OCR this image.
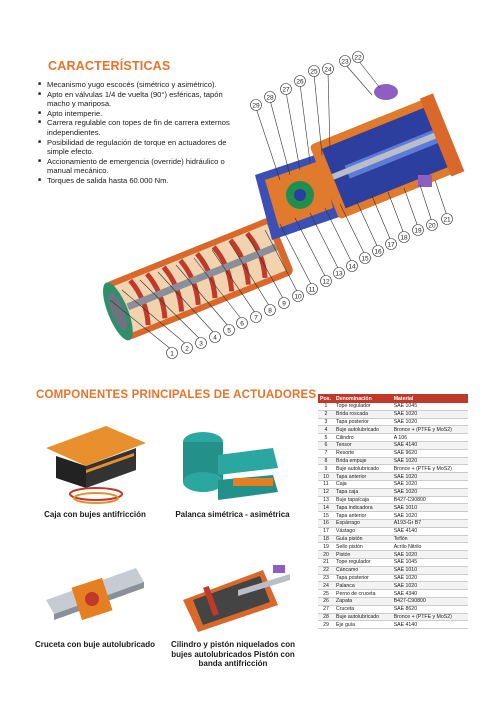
CARACTERÍSTICAS
■ Mecanismo yugo escocés (simétrico y asimétrico).
■ Apto en válvulas 1/4 de vuelta (90°) esféricas, tapón macho y mariposa.
■ Apto intemperie.
■ Carrera regulable con topes de fin de carrera externos independientes.
■ Posibilidad de regulación de torque en actuadores de simple efecto.
■ Accionamiento de emergencia (override) hidráulico o manual mecánico.
■ Torques de salida hasta 60.000 Nm.
1
2
3
4
5
6
7
8
9
10
11
12
13
14
15
16
17
18
19
20
21
22
23
24
25
26
27
28
29
COMPONENTES PRINCIPALES DE ACTUADORES
Caja con bujes antifricción	Palanca simétrica - asimétrica
Cruceta con buje autolubricado	Cilindro y pistón niquelados con bujes autolubricados Pistón con banda antifricción
Pos.	Denominación	Material
1	Tope regulador	SAE 1045
2	Brida roscada	SAE 1020
3	Tapa posterior	SAE 1020
4	Buje autolubricado	Bronce + (PTFE y MoS2)
5	Cilindro	A 106
6	Tensor	SAE 4140
7	Resorte	SAE 9620
8	Brida empuje	SAE 1020
9	Buje autolubricado	Bronce + (PTFE y MoS2)
10	Tapa anterior	SAE 1020
11	Caja	SAE 1020
12	Tapa caja	SAE 1020
13	Buje tapa/caja	B427-C90800
14	Tapa indicadora	SAE 1010
15	Tapa anterior	SAE 1020
16	Espárrago	A193-Gr B7
17	Vástago	SAE 4140
18	Guía pistón	Teflón
19	Sello pistón	Acrilo Nitrilo
20	Pistón	SAE 1020
21	Tope regulador	SAE 1045
22	Cáncamo	SAE 1010
23	Tapa posterior	SAE 1020
24	Palanca	SAE 1020
25	Perno de cruceta	SAE 4340
26	Zapata	B427-C90800
27	Cruceta	SAE 8620
28	Buje autolubricado	Bronce + (PTFE y MoS2)
29	Eje guía	SAE 4140
